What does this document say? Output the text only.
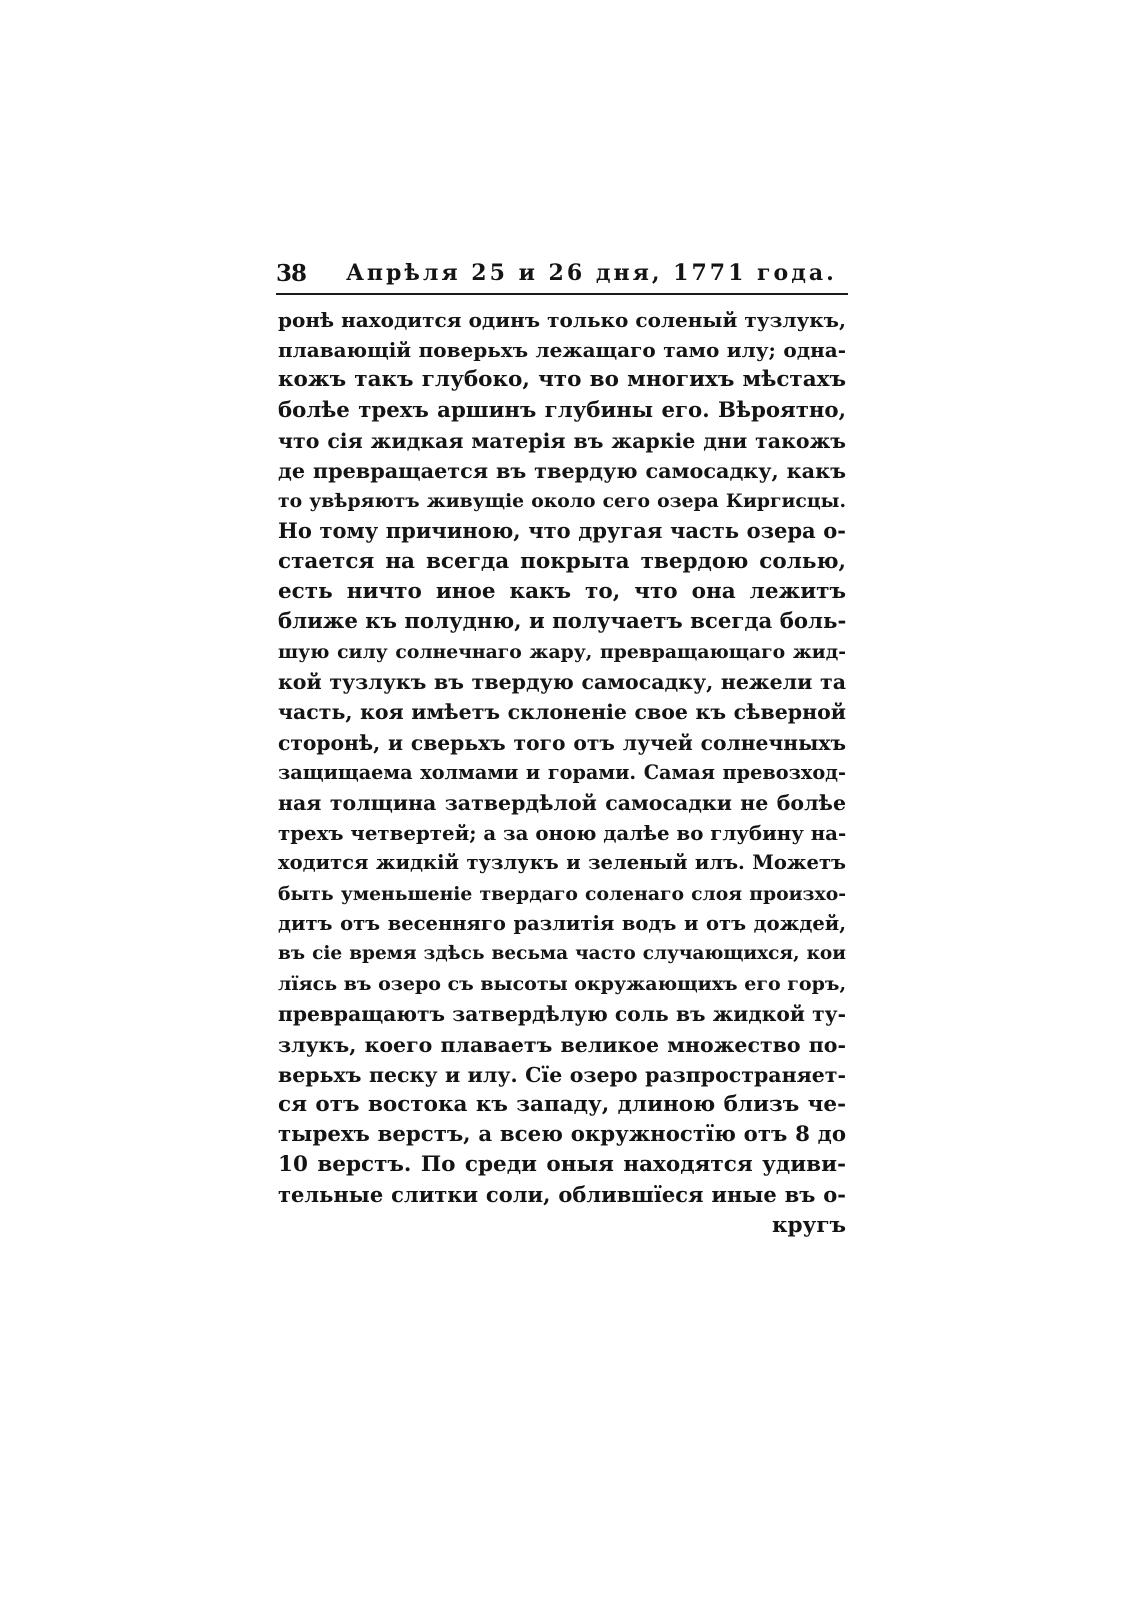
38 Апрѣля 25 и 26 дня, 1771 года.
ронѣ находится одинъ только соленый тузлукъ,
плавающій поверьхъ лежащаго тамо илу; одна-
кожъ такъ глубоко, что во многихъ мѣстахъ
болѣе трехъ аршинъ глубины его. Вѣроятно,
что сія жидкая матерія въ жаркіе дни такожъ
де превращается въ твердую самосадку, какъ
то увѣряютъ живущіе около сего озера Киргисцы.
Но тому причиною, что другая часть озера о-
стается на всегда покрыта твердою солью,
есть ничто иное какъ то, что она лежитъ
ближе къ полудню, и получаетъ всегда боль-
шую силу солнечнаго жару, превращающаго жид-
кой тузлукъ въ твердую самосадку, нежели та
часть, коя имѣетъ склоненіе свое къ сѣверной
сторонѣ, и сверьхъ того отъ лучей солнечныхъ
защищаема холмами и горами. Самая превозход-
ная толщина затвердѣлой самосадки не болѣе
трехъ четвертей; а за оною далѣе во глубину на-
ходится жидкій тузлукъ и зеленый илъ. Можетъ
быть уменьшеніе твердаго соленаго слоя произхо-
дитъ отъ весенняго разлитія водъ и отъ дождей,
въ сіе время здѣсь весьма часто случающихся, кои
лїясь въ озеро съ высоты окружающихъ его горъ,
превращаютъ затвердѣлую соль въ жидкой ту-
злукъ, коего плаваетъ великое множество по-
верьхъ песку и илу. Сїе озеро разпространяет-
ся отъ востока къ западу, длиною близъ че-
тырехъ верстъ, а всею окружностїю отъ 8 до
10 верстъ. По среди оныя находятся удиви-
тельные слитки соли, облившїеся иные въ о-
кругъ
